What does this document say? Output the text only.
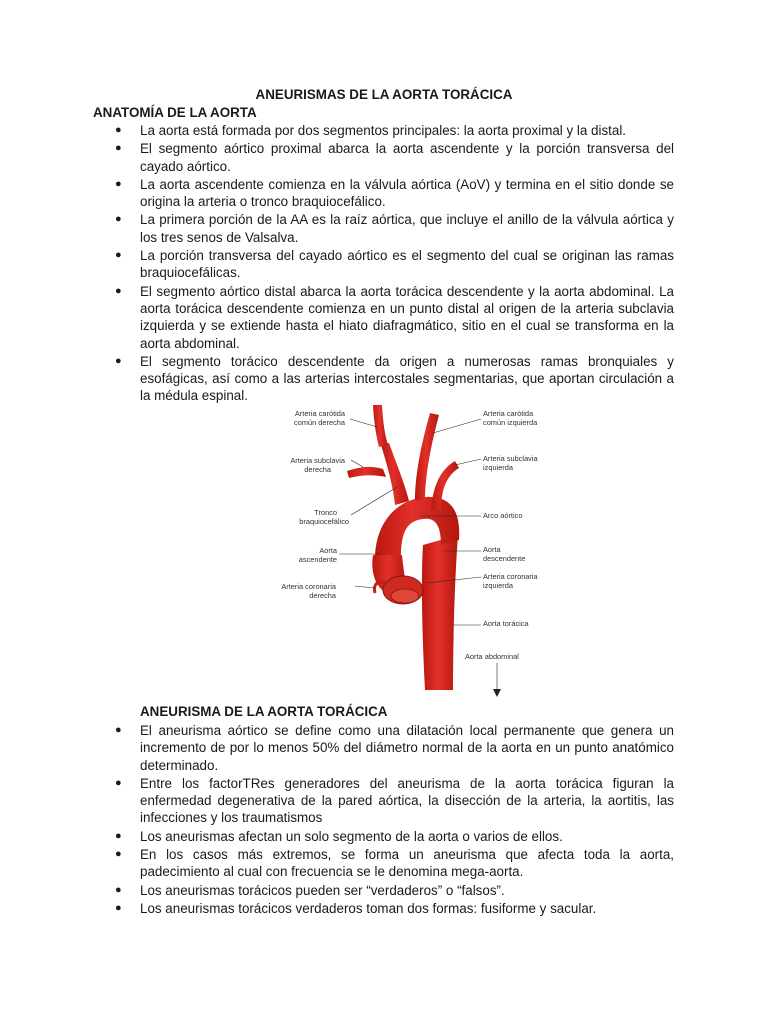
ANEURISMAS DE LA AORTA TORÁCICA
ANATOMÍA DE LA AORTA
● La aorta está formada por dos segmentos principales: la aorta proximal y la distal.
● El segmento aórtico proximal abarca la aorta ascendente y la porción transversa del cayado aórtico.
● La aorta ascendente comienza en la válvula aórtica (AoV) y termina en el sitio donde se origina la arteria o tronco braquiocefálico.
● La primera porción de la AA es la raíz aórtica, que incluye el anillo de la válvula aórtica y los tres senos de Valsalva.
● La porción transversa del cayado aórtico es el segmento del cual se originan las ramas braquiocefálicas.
● El segmento aórtico distal abarca la aorta torácica descendente y la aorta abdominal. La aorta torácica descendente comienza en un punto distal al origen de la arteria subclavia izquierda y se extiende hasta el hiato diafragmático, sitio en el cual se transforma en la aorta abdominal.
● El segmento torácico descendente da origen a numerosas ramas bronquiales y esofágicas, así como a las arterias intercostales segmentarias, que aportan circulación a la médula espinal.
Arteria carótida
común derecha
Arteria carótida
común izquierda
Arteria subclavia
derecha
Arteria subclavia
izquierda
Tronco
braquiocefálico
Arco aórtico
Aorta
ascendente
Aorta
descendente
Arteria coronaria
derecha
Arteria coronaria
izquierda
Aorta torácica
Aorta abdominal
ANEURISMA DE LA AORTA TORÁCICA
● El aneurisma aórtico se define como una dilatación local permanente que genera un incremento de por lo menos 50% del diámetro normal de la aorta en un punto anatómico determinado.
● Entre los factorTRes generadores del aneurisma de la aorta torácica figuran la enfermedad degenerativa de la pared aórtica, la disección de la arteria, la aortitis, las infecciones y los traumatismos
● Los aneurismas afectan un solo segmento de la aorta o varios de ellos.
● En los casos más extremos, se forma un aneurisma que afecta toda la aorta, padecimiento al cual con frecuencia se le denomina mega-aorta.
● Los aneurismas torácicos pueden ser “verdaderos” o “falsos”.
● Los aneurismas torácicos verdaderos toman dos formas: fusiforme y sacular.
